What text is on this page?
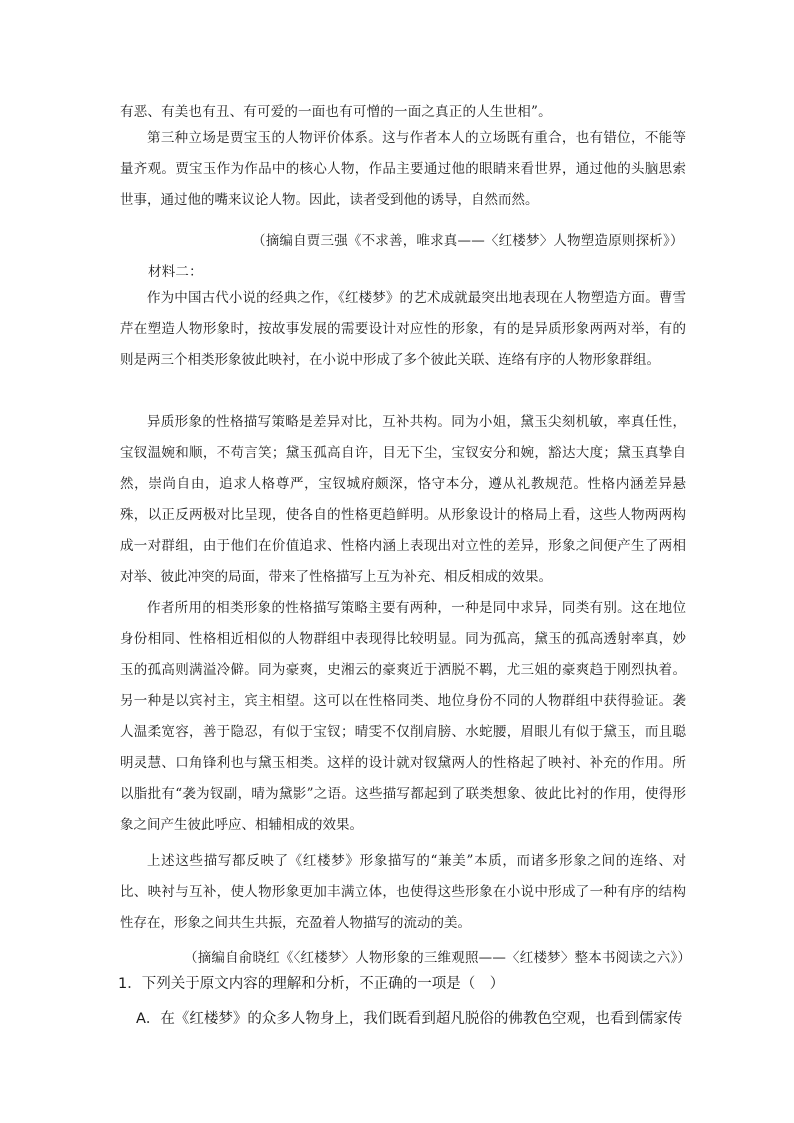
有恶、有美也有丑、有可爱的一面也有可憎的一面之真正的人生世相”。

第三种立场是贾宝玉的人物评价体系。这与作者本人的立场既有重合，也有错位，不能等量齐观。贾宝玉作为作品中的核心人物，作品主要通过他的眼睛来看世界，通过他的头脑思索世事，通过他的嘴来议论人物。因此，读者受到他的诱导，自然而然。

（摘编自贾三强《不求善，唯求真——〈红楼梦〉人物塑造原则探析》）
材料二：

作为中国古代小说的经典之作，《红楼梦》的艺术成就最突出地表现在人物塑造方面。曹雪芹在塑造人物形象时，按故事发展的需要设计对应性的形象，有的是异质形象两两对举，有的则是两三个相类形象彼此映衬，在小说中形成了多个彼此关联、连络有序的人物形象群组。

异质形象的性格描写策略是差异对比，互补共构。同为小姐，黛玉尖刻机敏，率真任性，宝钗温婉和顺，不苟言笑；黛玉孤高自许，目无下尘，宝钗安分和婉，豁达大度；黛玉真挚自然，崇尚自由，追求人格尊严，宝钗城府颇深，恪守本分，遵从礼教规范。性格内涵差异悬殊，以正反两极对比呈现，使各自的性格更趋鲜明。从形象设计的格局上看，这些人物两两构成一对群组，由于他们在价值追求、性格内涵上表现出对立性的差异，形象之间便产生了两相对举、彼此冲突的局面，带来了性格描写上互为补充、相反相成的效果。

作者所用的相类形象的性格描写策略主要有两种，一种是同中求异，同类有别。这在地位身份相同、性格相近相似的人物群组中表现得比较明显。同为孤高，黛玉的孤高透射率真，妙玉的孤高则满溢冷僻。同为豪爽，史湘云的豪爽近于洒脱不羁，尤三姐的豪爽趋于刚烈执着。另一种是以宾衬主，宾主相望。这可以在性格同类、地位身份不同的人物群组中获得验证。袭人温柔宽容，善于隐忍，有似于宝钗；晴雯不仅削肩膀、水蛇腰，眉眼儿有似于黛玉，而且聪明灵慧、口角锋利也与黛玉相类。这样的设计就对钗黛两人的性格起了映衬、补充的作用。所以脂批有“袭为钗副，晴为黛影”之语。这些描写都起到了联类想象、彼此比衬的作用，使得形象之间产生彼此呼应、相辅相成的效果。

上述这些描写都反映了《红楼梦》形象描写的“兼美”本质，而诸多形象之间的连络、对比、映衬与互补，使人物形象更加丰满立体，也使得这些形象在小说中形成了一种有序的结构性存在，形象之间共生共振，充盈着人物描写的流动的美。

（摘编自俞晓红《〈红楼梦〉人物形象的三维观照——〈红楼梦〉整本书阅读之六》）
1．下列关于原文内容的理解和分析，不正确的一项是（　）
A．在《红楼梦》的众多人物身上，我们既看到超凡脱俗的佛教色空观，也看到儒家传
